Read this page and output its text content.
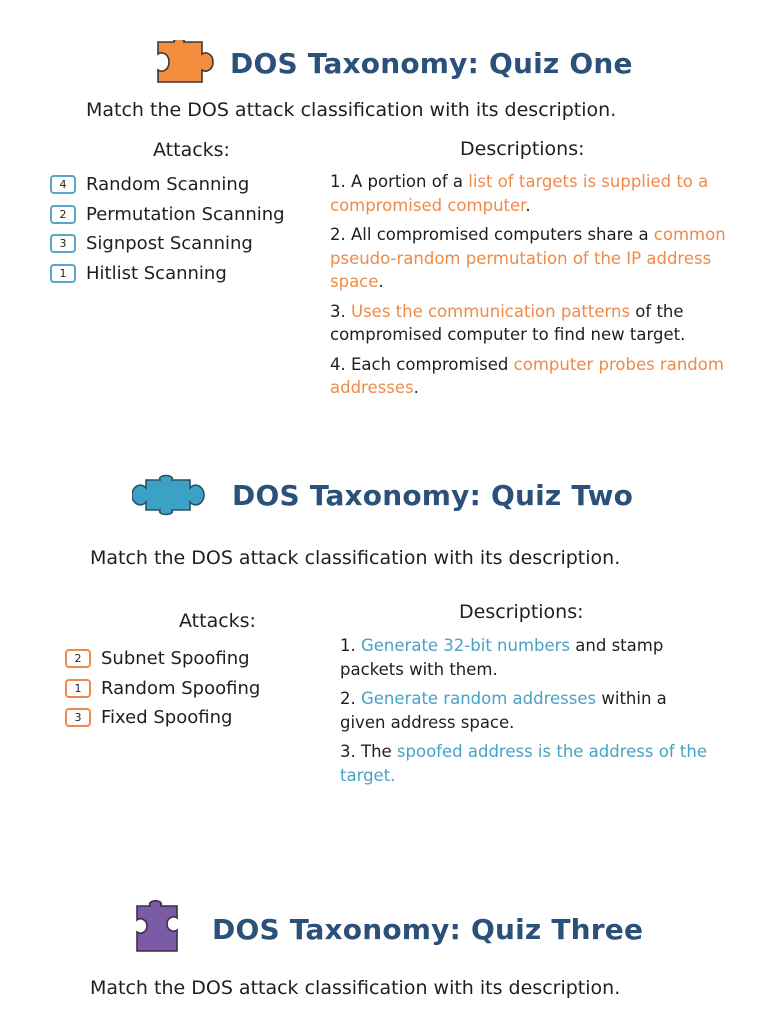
DOS Taxonomy: Quiz One

Match the DOS attack classification with its description.

Attacks:	Descriptions:
4	Random Scanning
2	Permutation Scanning
3	Signpost Scanning
1	Hitlist Scanning
1. A portion of a list of targets is supplied to a compromised computer.
2. All compromised computers share a common pseudo-random permutation of the IP address space.
3. Uses the communication patterns of the compromised computer to find new target.
4. Each compromised computer probes random addresses.
DOS Taxonomy: Quiz Two

Match the DOS attack classification with its description.

Attacks:	Descriptions:
2	Subnet Spoofing
1	Random Spoofing
3	Fixed Spoofing
1. Generate 32-bit numbers and stamp packets with them.
2. Generate random addresses within a given address space.
3. The spoofed address is the address of the target.
DOS Taxonomy: Quiz Three

Match the DOS attack classification with its description.
